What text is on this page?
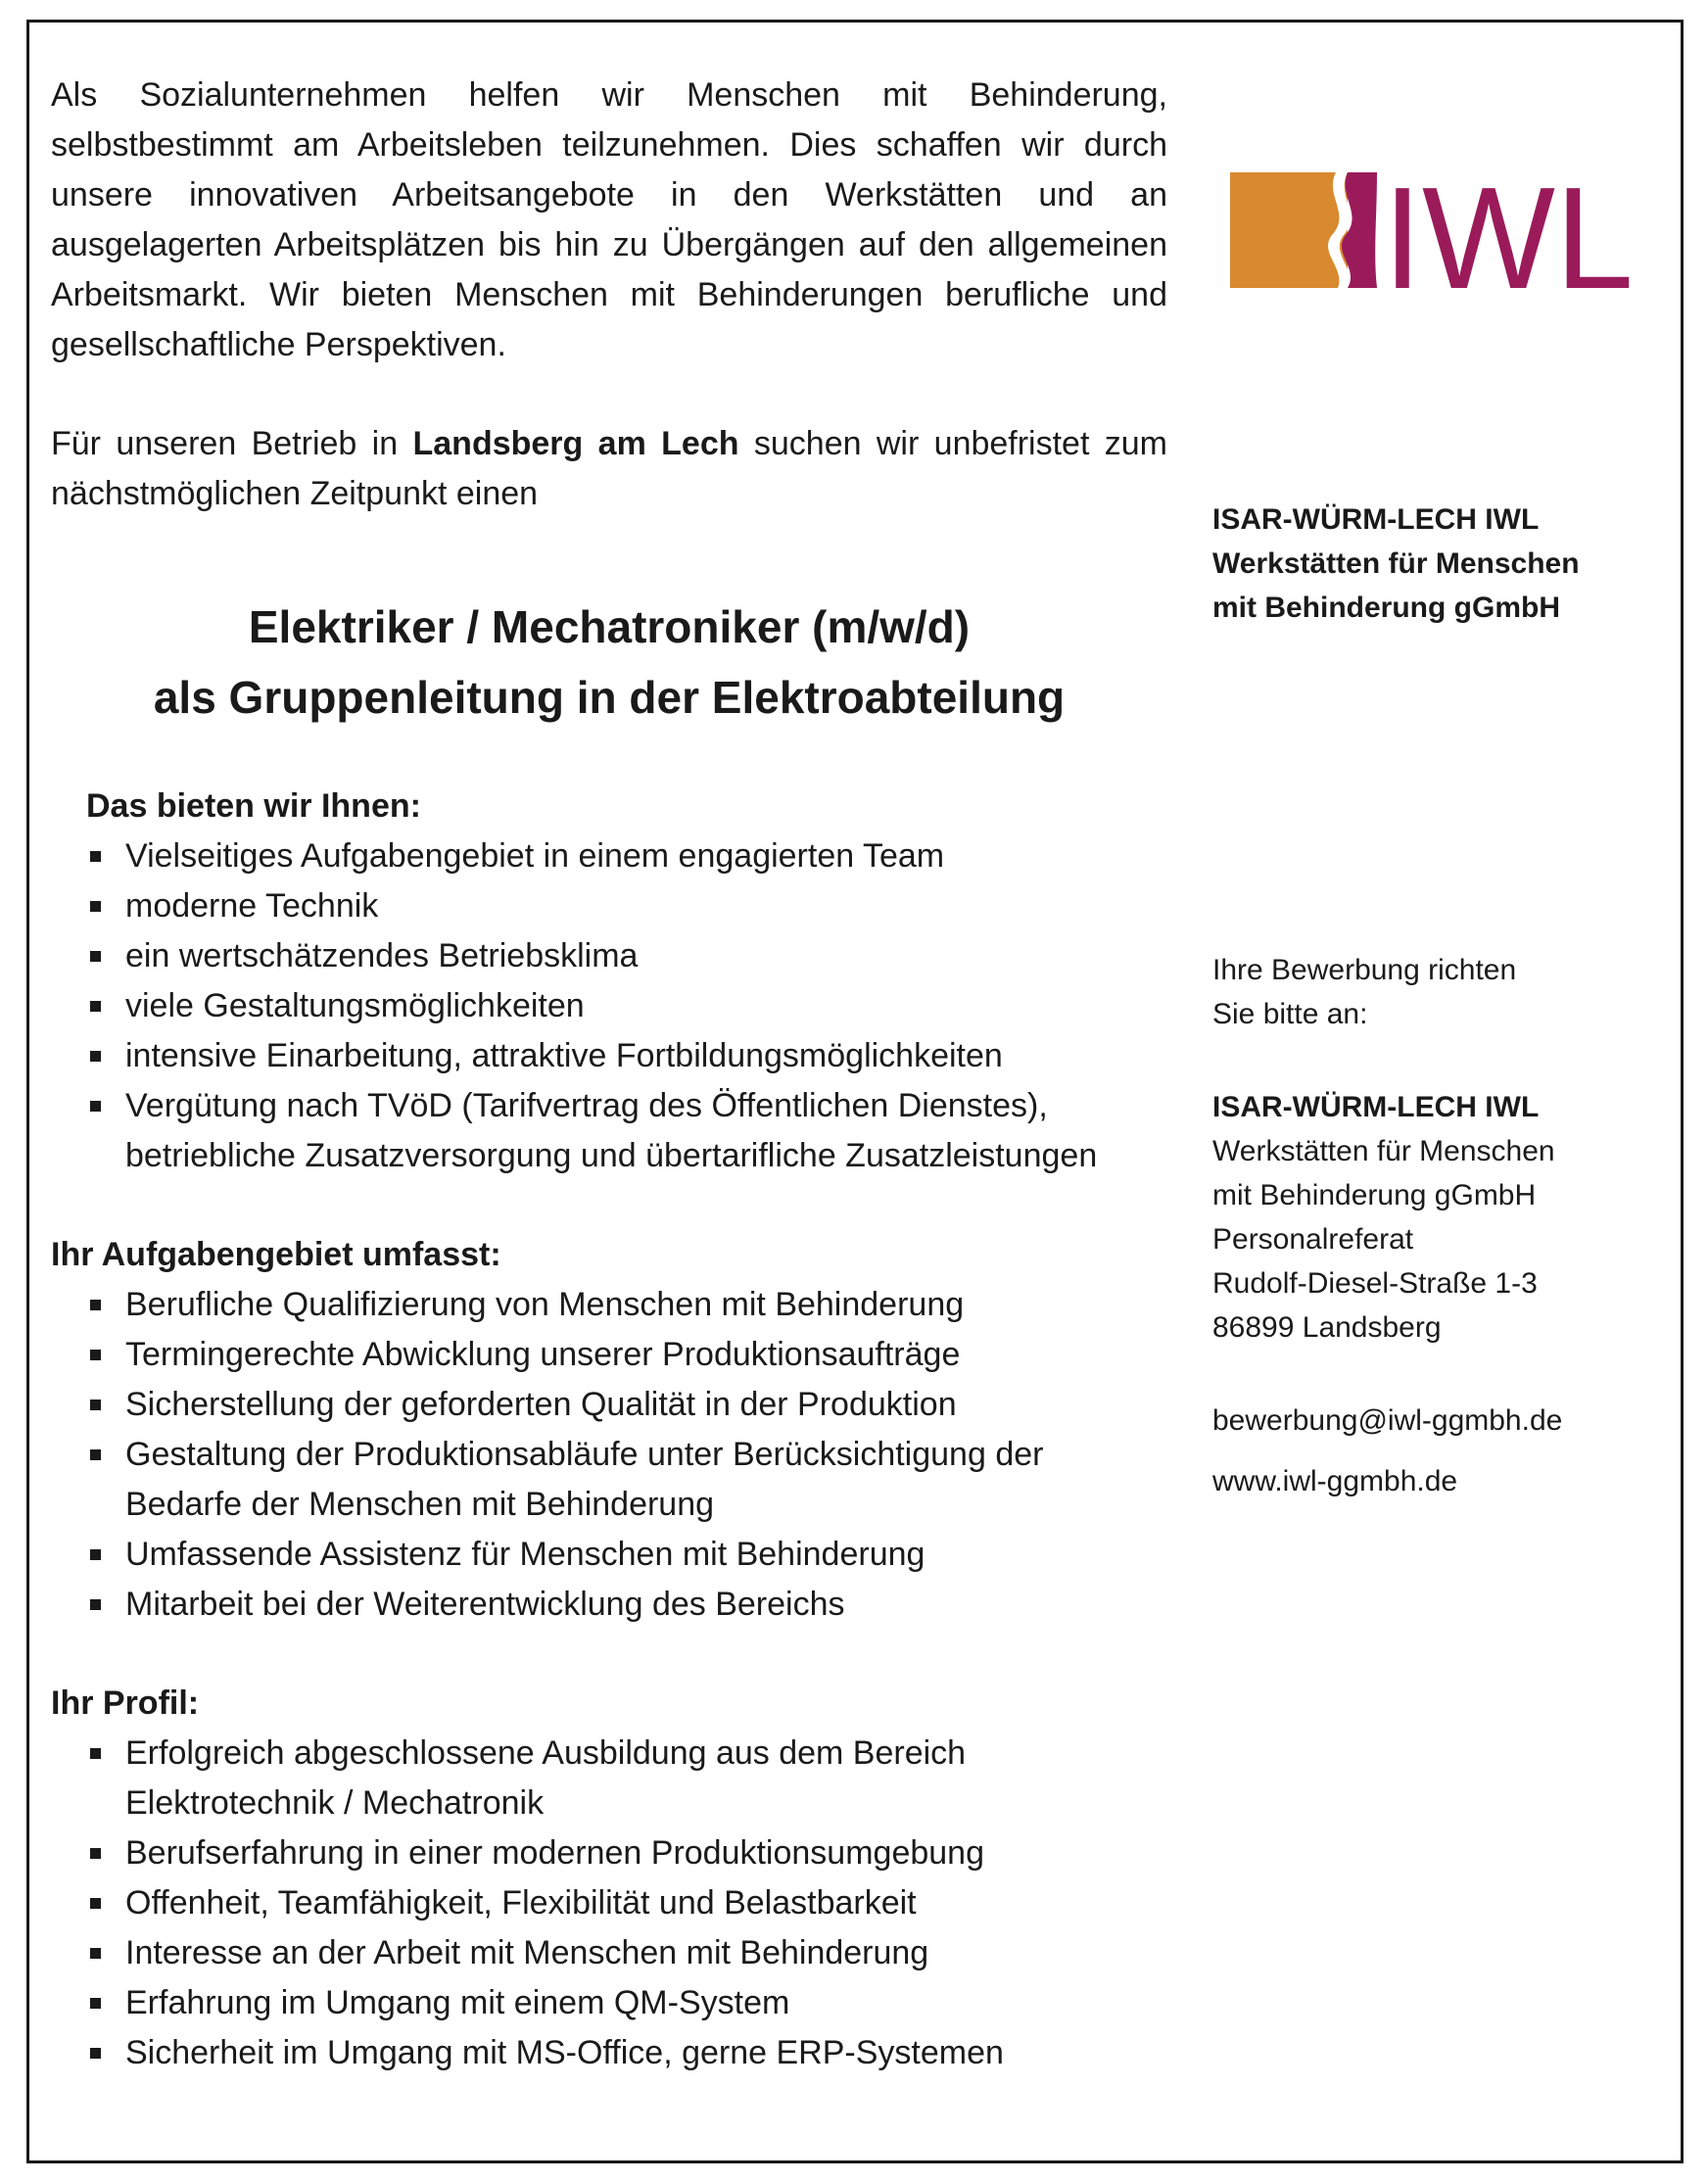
Als Sozialunternehmen helfen wir Menschen mit Behinderung, selbstbestimmt am Arbeitsleben teilzunehmen. Dies schaffen wir durch unsere innovativen Arbeitsangebote in den Werkstätten und an ausgelagerten Arbeitsplätzen bis hin zu Übergängen auf den allgemeinen Arbeitsmarkt. Wir bieten Menschen mit Behinderungen berufliche und gesellschaftliche Perspektiven.

Für unseren Betrieb in Landsberg am Lech suchen wir unbefristet zum nächstmöglichen Zeitpunkt einen

Elektriker / Mechatroniker (m/w/d)
als Gruppenleitung in der Elektroabteilung

Das bieten wir Ihnen:

Vielseitiges Aufgabengebiet in einem engagierten Team
moderne Technik
ein wertschätzendes Betriebsklima
viele Gestaltungsmöglichkeiten
intensive Einarbeitung, attraktive Fortbildungsmöglichkeiten
Vergütung nach TVöD (Tarifvertrag des Öffentlichen Dienstes), betriebliche Zusatzversorgung und übertarifliche Zusatzleistungen

Ihr Aufgabengebiet umfasst:

Berufliche Qualifizierung von Menschen mit Behinderung
Termingerechte Abwicklung unserer Produktionsaufträge
Sicherstellung der geforderten Qualität in der Produktion
Gestaltung der Produktionsabläufe unter Berücksichtigung der Bedarfe der Menschen mit Behinderung
Umfassende Assistenz für Menschen mit Behinderung
Mitarbeit bei der Weiterentwicklung des Bereichs

Ihr Profil:

Erfolgreich abgeschlossene Ausbildung aus dem Bereich Elektrotechnik / Mechatronik
Berufserfahrung in einer modernen Produktionsumgebung
Offenheit, Teamfähigkeit, Flexibilität und Belastbarkeit
Interesse an der Arbeit mit Menschen mit Behinderung
Erfahrung im Umgang mit einem QM-System
Sicherheit im Umgang mit MS-Office, gerne ERP-Systemen
IWL
ISAR-WÜRM-LECH IWL
Werkstätten für Menschen
mit Behinderung gGmbH
Ihre Bewerbung richten
Sie bitte an:
ISAR-WÜRM-LECH IWL
Werkstätten für Menschen
mit Behinderung gGmbH
Personalreferat
Rudolf-Diesel-Straße 1-3
86899 Landsberg
bewerbung@iwl-ggmbh.de
www.iwl-ggmbh.de
